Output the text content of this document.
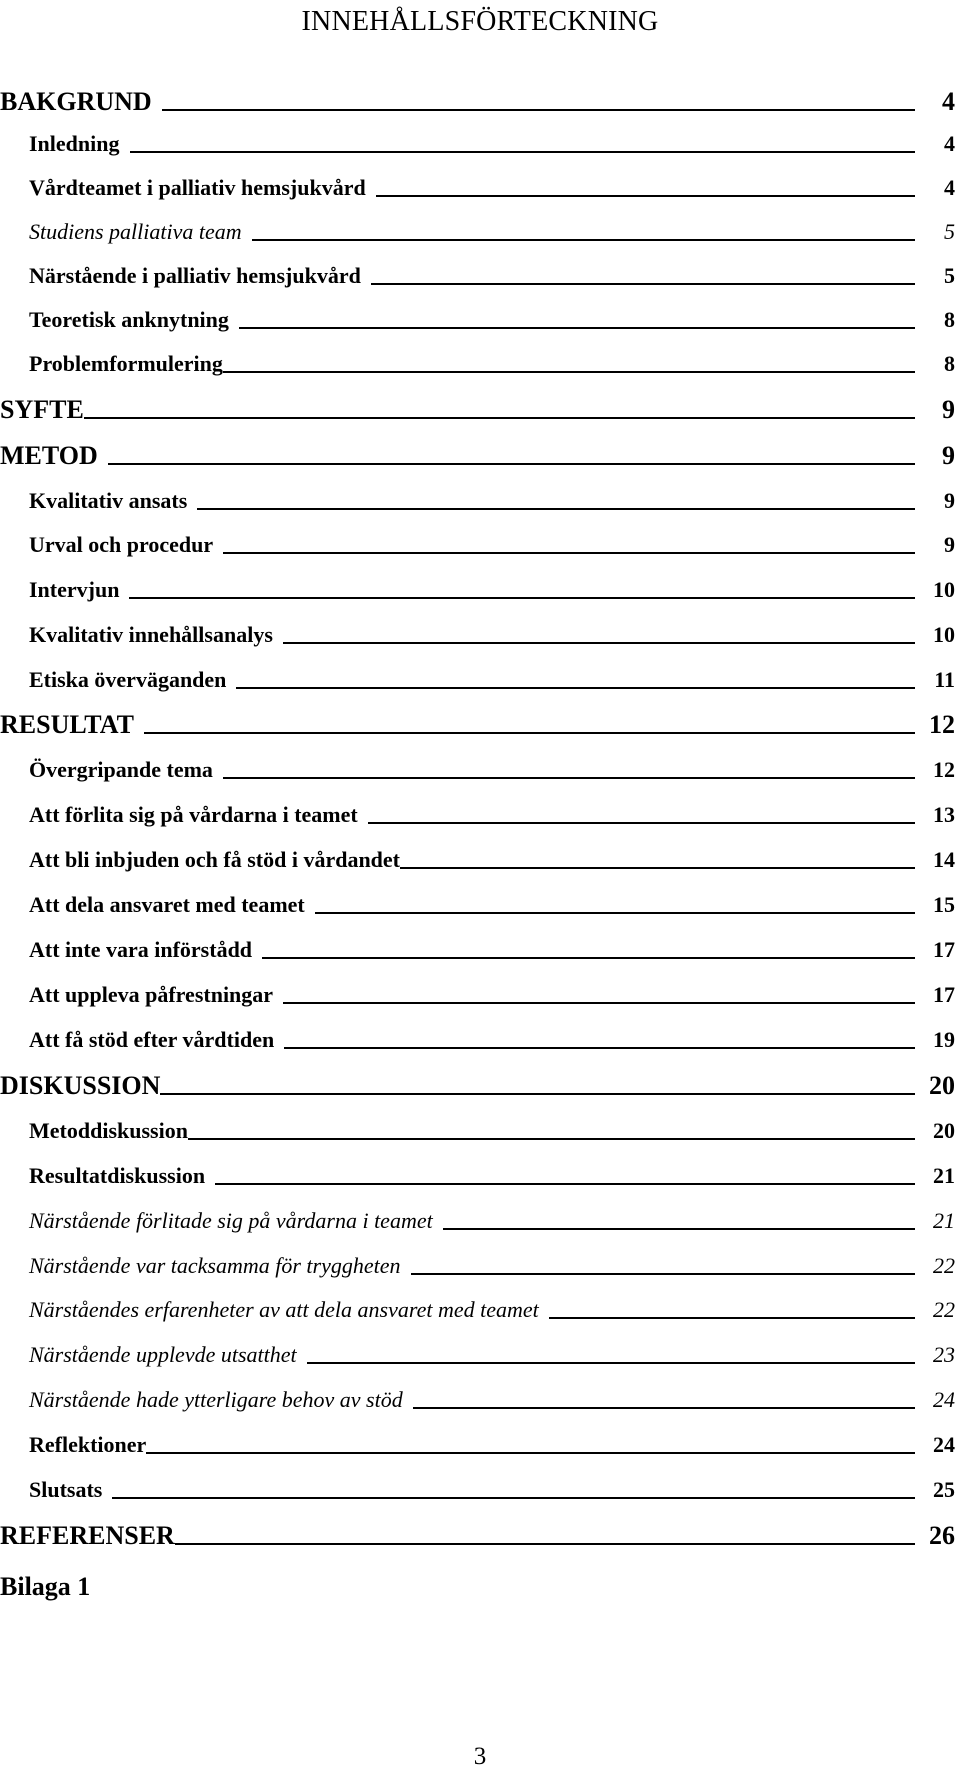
INNEHÅLLSFÖRTECKNING
BAKGRUND	4
Inledning	4
Vårdteamet i palliativ hemsjukvård	4
Studiens palliativa team	5
Närstående i palliativ hemsjukvård	5
Teoretisk anknytning	8
Problemformulering	8
SYFTE	9
METOD	9
Kvalitativ ansats	9
Urval och procedur	9
Intervjun	10
Kvalitativ innehållsanalys	10
Etiska överväganden	11
RESULTAT	12
Övergripande tema	12
Att förlita sig på vårdarna i teamet	13
Att bli inbjuden och få stöd i vårdandet	14
Att dela ansvaret med teamet	15
Att inte vara införstådd	17
Att uppleva påfrestningar	17
Att få stöd efter vårdtiden	19
DISKUSSION	20
Metoddiskussion	20
Resultatdiskussion	21
Närstående förlitade sig på vårdarna i teamet	21
Närstående var tacksamma för tryggheten	22
Närståendes erfarenheter av att dela ansvaret med teamet	22
Närstående upplevde utsatthet	23
Närstående hade ytterligare behov av stöd	24
Reflektioner	24
Slutsats	25
REFERENSER	26
Bilaga 1
3
